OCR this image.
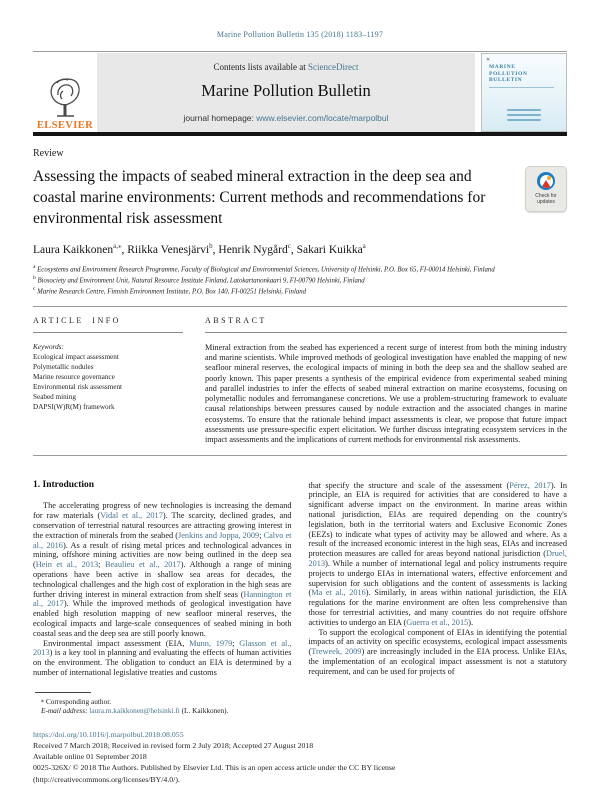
Marine Pollution Bulletin 135 (2018) 1183–1197
ELSEVIER
Contents lists available at ScienceDirect
Marine Pollution Bulletin
journal homepage: www.elsevier.com/locate/marpolbul
✕
MARINE
POLLUTION
BULLETIN
Review
Assessing the impacts of seabed mineral extraction in the deep sea and coastal marine environments: Current methods and recommendations for environmental risk assessment
Check for updates
Laura Kaikkonen$^{a,⁎}$, Riikka Venesjärvi$^b$, Henrik Nygård$^c$, Sakari Kuikka$^a$
$^a$ Ecosystems and Environment Research Programme, Faculty of Biological and Environmental Sciences, University of Helsinki, P.O. Box 65, FI-00014 Helsinki, Finland
$^b$ Biosociety and Environment Unit, Natural Resource Institute Finland, Latokartanonkaari 9, FI-00790 Helsinki, Finland
$^c$ Marine Research Centre, Finnish Environment Institute, P.O. Box 140, FI-00251 Helsinki, Finland
ARTICLE INFO
Keywords:
Ecological impact assessment
Polymetallic nodules
Marine resource governance
Environmental risk assessment
Seabed mining
DAPSI(W)R(M) framework
ABSTRACT
Mineral extraction from the seabed has experienced a recent surge of interest from both the mining industry and marine scientists. While improved methods of geological investigation have enabled the mapping of new seafloor mineral reserves, the ecological impacts of mining in both the deep sea and the shallow seabed are poorly known. This paper presents a synthesis of the empirical evidence from experimental seabed mining and parallel industries to infer the effects of seabed mineral extraction on marine ecosystems, focusing on polymetallic nodules and ferromanganese concretions. We use a problem-structuring framework to evaluate causal relationships between pressures caused by nodule extraction and the associated changes in marine ecosystems. To ensure that the rationale behind impact assessments is clear, we propose that future impact assessments use pressure-specific expert elicitation. We further discuss integrating ecosystem services in the impact assessments and the implications of current methods for environmental risk assessments.
1. Introduction

The accelerating progress of new technologies is increasing the demand for raw materials (Vidal et al., 2017). The scarcity, declined grades, and conservation of terrestrial natural resources are attracting growing interest in the extraction of minerals from the seabed (Jenkins and Joppa, 2009; Calvo et al., 2016). As a result of rising metal prices and technological advances in mining, offshore mining activities are now being outlined in the deep sea (Hein et al., 2013; Beaulieu et al., 2017). Although a range of mining operations have been active in shallow sea areas for decades, the technological challenges and the high cost of exploration in the high seas are further driving interest in mineral extraction from shelf seas (Hannington et al., 2017). While the improved methods of geological investigation have enabled high resolution mapping of new seafloor mineral reserves, the ecological impacts and large-scale consequences of seabed mining in both coastal seas and the deep sea are still poorly known.

Environmental impact assessment (EIA, Munn, 1979; Glasson et al., 2013) is a key tool in planning and evaluating the effects of human activities on the environment. The obligation to conduct an EIA is determined by a number of international legislative treaties and customs

⁎ Corresponding author.
E-mail address: laura.m.kaikkonen@helsinki.fi (L. Kaikkonen).

that specify the structure and scale of the assessment (Pérez, 2017). In principle, an EIA is required for activities that are considered to have a significant adverse impact on the environment. In marine areas within national jurisdiction, EIAs are required depending on the country's legislation, both in the territorial waters and Exclusive Economic Zones (EEZs) to indicate what types of activity may be allowed and where. As a result of the increased economic interest in the high seas, EIAs and increased protection measures are called for areas beyond national jurisdiction (Druel, 2013). While a number of international legal and policy instruments require projects to undergo EIAs in international waters, effective enforcement and supervision for such obligations and the content of assessments is lacking (Ma et al., 2016). Similarly, in areas within national jurisdiction, the EIA regulations for the marine environment are often less comprehensive than those for terrestrial activities, and many countries do not require offshore activities to undergo an EIA (Guerra et al., 2015).

To support the ecological component of EIAs in identifying the potential impacts of an activity on specific ecosystems, ecological impact assessments (Treweek, 2009) are increasingly included in the EIA process. Unlike EIAs, the implementation of an ecological impact assessment is not a statutory requirement, and can be used for projects of

https://doi.org/10.1016/j.marpolbul.2018.08.055
Received 7 March 2018; Received in revised form 2 July 2018; Accepted 27 August 2018
Available online 01 September 2018
0025-326X/ © 2018 The Authors. Published by Elsevier Ltd. This is an open access article under the CC BY license
(http://creativecommons.org/licenses/BY/4.0/).
